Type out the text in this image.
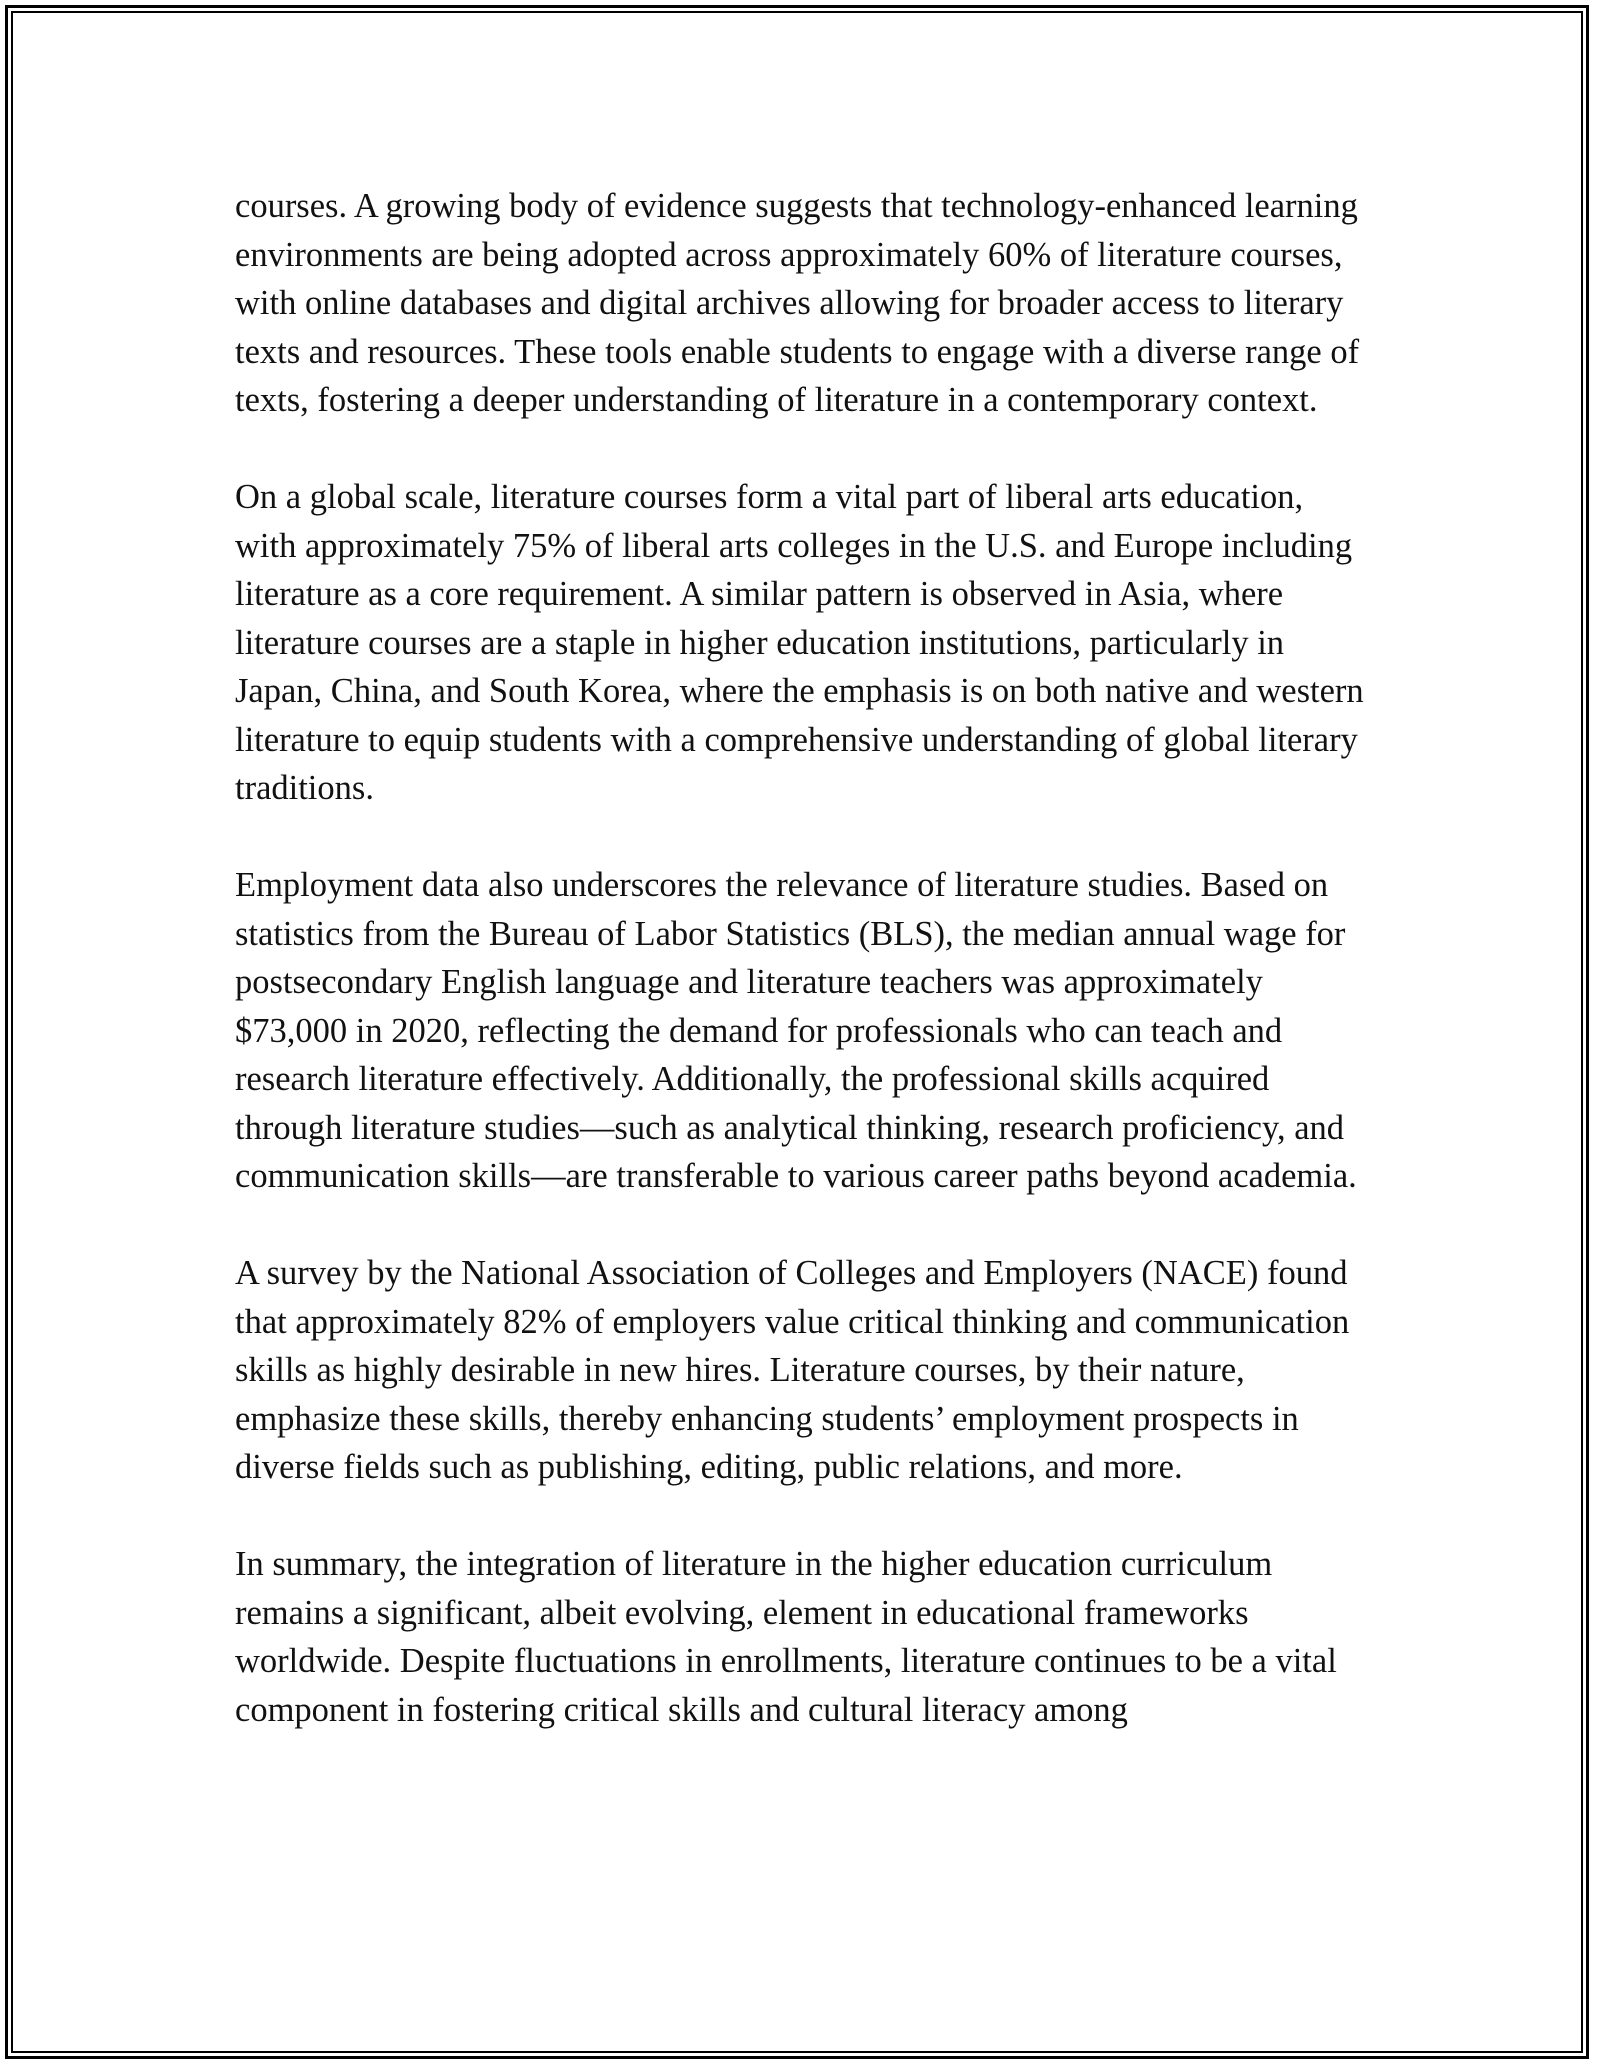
courses. A growing body of evidence suggests that technology-enhanced learning environments are being adopted across approximately 60% of literature courses, with online databases and digital archives allowing for broader access to literary texts and resources. These tools enable students to engage with a diverse range of texts, fostering a deeper understanding of literature in a contemporary context.

On a global scale, literature courses form a vital part of liberal arts education, with approximately 75% of liberal arts colleges in the U.S. and Europe including literature as a core requirement. A similar pattern is observed in Asia, where literature courses are a staple in higher education institutions, particularly in Japan, China, and South Korea, where the emphasis is on both native and western literature to equip students with a comprehensive understanding of global literary traditions.

Employment data also underscores the relevance of literature studies. Based on statistics from the Bureau of Labor Statistics (BLS), the median annual wage for postsecondary English language and literature teachers was approximately $73,000 in 2020, reflecting the demand for professionals who can teach and research literature effectively. Additionally, the professional skills acquired through literature studies—such as analytical thinking, research proficiency, and communication skills—are transferable to various career paths beyond academia.

A survey by the National Association of Colleges and Employers (NACE) found that approximately 82% of employers value critical thinking and communication skills as highly desirable in new hires. Literature courses, by their nature, emphasize these skills, thereby enhancing students’ employment prospects in diverse fields such as publishing, editing, public relations, and more.

In summary, the integration of literature in the higher education curriculum remains a significant, albeit evolving, element in educational frameworks worldwide. Despite fluctuations in enrollments, literature continues to be a vital component in fostering critical skills and cultural literacy among
